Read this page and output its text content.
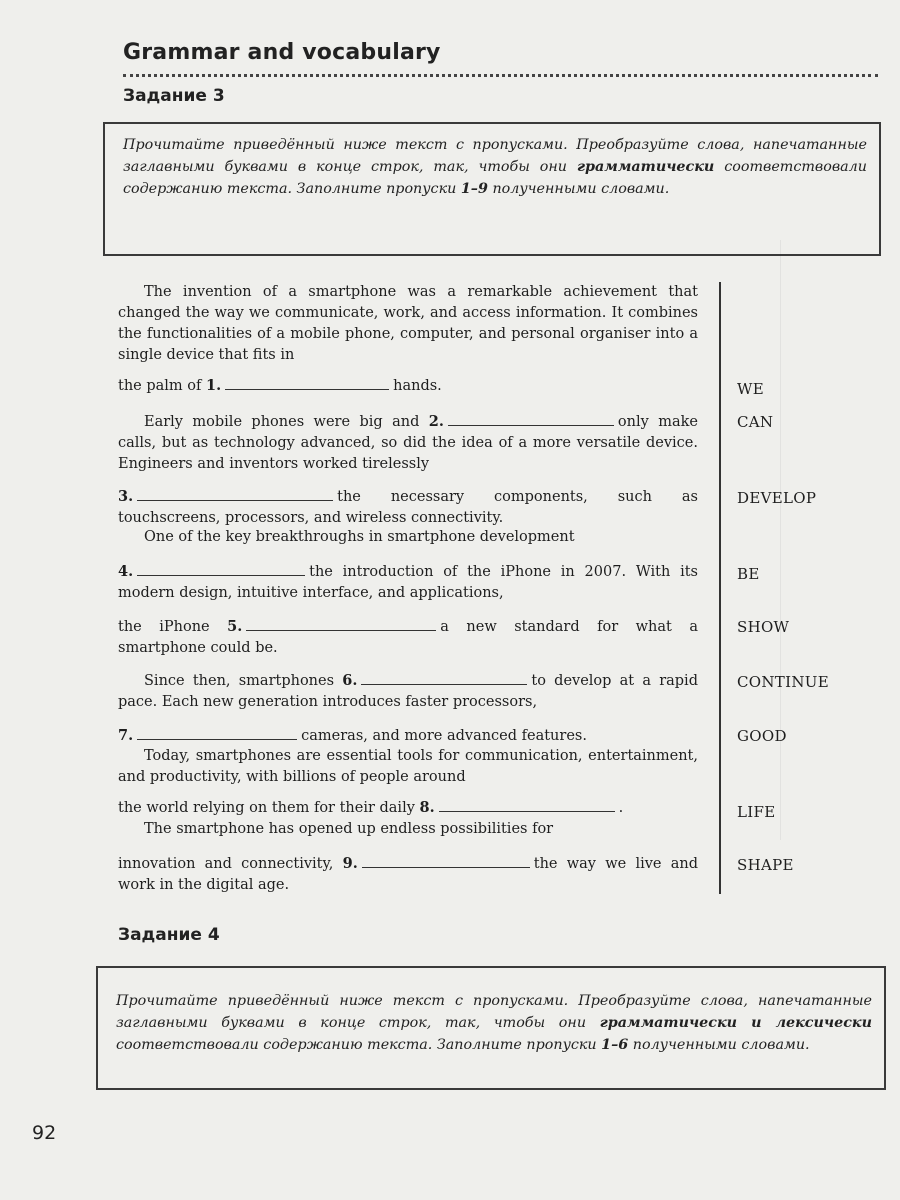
Grammar and vocabulary
Задание 3
Прочитайте приведённый ниже текст с пропусками. Преобразуйте слова, напечатанные заглавными буквами в конце строк, так, чтобы они грамматически соответствовали содержанию текста. Заполните пропуски 1–9 полученными словами.
The invention of a smartphone was a remarkable achievement that changed the way we communicate, work, and access information. It combines the functionalities of a mobile phone, computer, and personal organiser into a single device that fits in
the palm of 1.	hands.
Early mobile phones were big and 2.	only make calls, but as technology advanced, so did the idea of a more versatile device. Engineers and inventors worked tirelessly
3.	the necessary components, such as touchscreens, processors, and wireless connectivity.
One of the key breakthroughs in smartphone development
4.	the introduction of the iPhone in 2007. With its modern design, intuitive interface, and applications,
the iPhone 5.	a new standard for what a smartphone could be.
Since then, smartphones 6.	to develop at a rapid pace. Each new generation introduces faster processors,
7.	cameras, and more advanced features.
Today, smartphones are essential tools for communication, entertainment, and productivity, with billions of people around
the world relying on them for their daily 8.	.
The smartphone has opened up endless possibilities for
innovation and connectivity, 9.	the way we live and work in the digital age.
WE
CAN
DEVELOP
BE
SHOW
CONTINUE
GOOD
LIFE
SHAPE
Задание 4
Прочитайте приведённый ниже текст с пропусками. Преобразуйте слова, напечатанные заглавными буквами в конце строк, так, чтобы они грамматически и лексически соответствовали содержанию текста. Заполните пропуски 1–6 полученными словами.
92
